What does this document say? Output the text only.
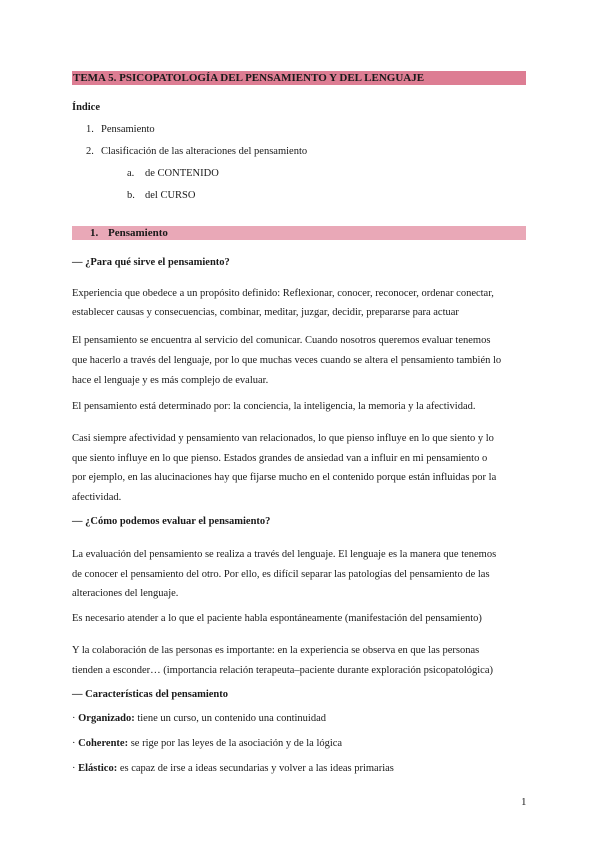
TEMA 5. PSICOPATOLOGÍA DEL PENSAMIENTO Y DEL LENGUAJE
Índice
1. Pensamiento
2. Clasificación de las alteraciones del pensamiento
a. de CONTENIDO
b. del CURSO
1. Pensamiento
— ¿Para qué sirve el pensamiento?

Experiencia que obedece a un propósito definido: Reflexionar, conocer, reconocer, ordenar conectar,

establecer causas y consecuencias, combinar, meditar, juzgar, decidir, prepararse para actuar

El pensamiento se encuentra al servicio del comunicar. Cuando nosotros queremos evaluar tenemos

que hacerlo a través del lenguaje, por lo que muchas veces cuando se altera el pensamiento también lo

hace el lenguaje y es más complejo de evaluar.

El pensamiento está determinado por: la conciencia, la inteligencia, la memoria y la afectividad.

Casi siempre afectividad y pensamiento van relacionados, lo que pienso influye en lo que siento y lo

que siento influye en lo que pienso. Estados grandes de ansiedad van a influir en mi pensamiento o

por ejemplo, en las alucinaciones hay que fijarse mucho en el contenido porque están influidas por la

afectividad.

— ¿Cómo podemos evaluar el pensamiento?

La evaluación del pensamiento se realiza a través del lenguaje. El lenguaje es la manera que tenemos

de conocer el pensamiento del otro. Por ello, es difícil separar las patologías del pensamiento de las

alteraciones del lenguaje.

Es necesario atender a lo que el paciente habla espontáneamente (manifestación del pensamiento)

Y la colaboración de las personas es importante: en la experiencia se observa en que las personas

tienden a esconder… (importancia relación terapeuta–paciente durante exploración psicopatológica)

— Características del pensamiento
· Organizado: tiene un curso, un contenido una continuidad
· Coherente: se rige por las leyes de la asociación y de la lógica
· Elástico: es capaz de irse a ideas secundarias y volver a las ideas primarias
1
